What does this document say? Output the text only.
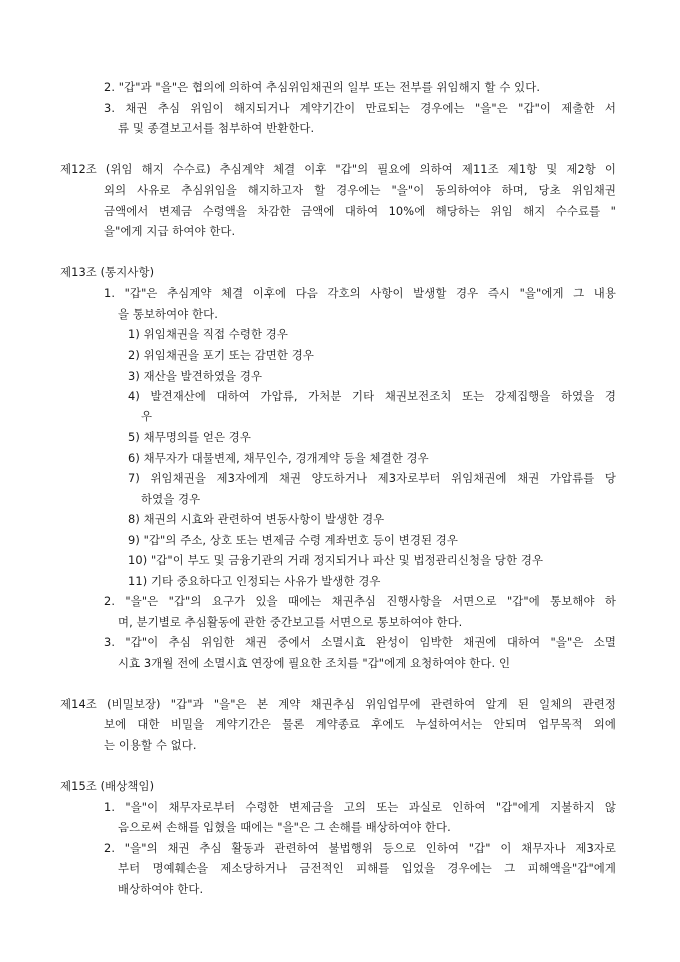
2. "갑"과 "을"은 협의에 의하여 추심위임채권의 일부 또는 전부를 위임해지 할 수 있다.
3. 채권 추심 위임이 해지되거나 계약기간이 만료되는 경우에는 "을"은 "갑"이 제출한 서
류 및 종결보고서를 첨부하여 반환한다.
제12조 (위임 해지 수수료) 추심계약 체결 이후 "갑"의 필요에 의하여 제11조 제1항 및 제2항 이
외의 사유로 추심위임을 해지하고자 할 경우에는 "을"이 동의하여야 하며, 당초 위임채권
금액에서 변제금 수령액을 차감한 금액에 대하여 10%에 해당하는 위임 해지 수수료를 "
을"에게 지급 하여야 한다.
제13조 (통지사항)
1. "갑"은 추심계약 체결 이후에 다음 각호의 사항이 발생할 경우 즉시 "을"에게 그 내용
을 통보하여야 한다.
1) 위임채권을 직접 수령한 경우
2) 위임채권을 포기 또는 감면한 경우
3) 재산을 발견하였을 경우
4) 발견재산에 대하여 가압류, 가처분 기타 채권보전조치 또는 강제집행을 하였을 경
우
5) 채무명의를 얻은 경우
6) 채무자가 대물변제, 채무인수, 경개계약 등을 체결한 경우
7) 위임채권을 제3자에게 채권 양도하거나 제3자로부터 위임채권에 채권 가압류를 당
하였을 경우
8) 채권의 시효와 관련하여 변동사항이 발생한 경우
9) "갑"의 주소, 상호 또는 변제금 수령 계좌번호 등이 변경된 경우
10) "갑"이 부도 및 금융기관의 거래 정지되거나 파산 및 법정관리신청을 당한 경우
11) 기타 중요하다고 인정되는 사유가 발생한 경우
2. "을"은 "갑"의 요구가 있을 때에는 채권추심 진행사항을 서면으로 "갑"에 통보해야 하
며, 분기별로 추심활동에 관한 중간보고를 서면으로 통보하여야 한다.
3. "갑"이 추심 위임한 채권 중에서 소멸시효 완성이 임박한 채권에 대하여 "을"은 소멸
시효 3개월 전에 소멸시효 연장에 필요한 조치를 "갑"에게 요청하여야 한다. 인
제14조 (비밀보장) "갑"과 "을"은 본 계약 채권추심 위임업무에 관련하여 알게 된 일체의 관련정
보에 대한 비밀을 계약기간은 물론 계약종료 후에도 누설하여서는 안되며 업무목적 외에
는 이용할 수 없다.
제15조 (배상책임)
1. "을"이 채무자로부터 수령한 변제금을 고의 또는 과실로 인하여 "갑"에게 지불하지 않
음으로써 손해를 입혔을 때에는 "을"은 그 손해를 배상하여야 한다.
2. "을"의 채권 추심 활동과 관련하여 불법행위 등으로 인하여 "갑" 이 채무자나 제3자로
부터 명예훼손을 제소당하거나 금전적인 피해를 입었을 경우에는 그 피해액을"갑"에게
배상하여야 한다.
